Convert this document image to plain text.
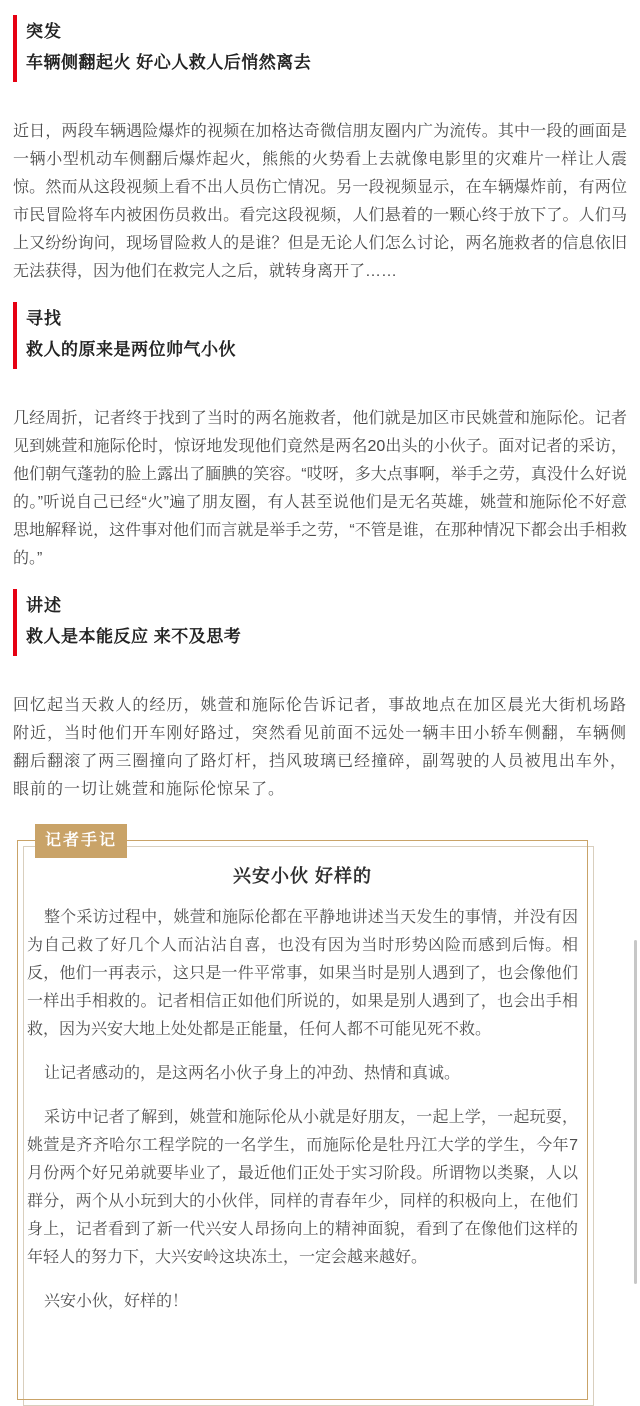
突发
车辆侧翻起火 好心人救人后悄然离去

近日，两段车辆遇险爆炸的视频在加格达奇微信朋友圈内广为流传。其中一段的画面是一辆小型机动车侧翻后爆炸起火，熊熊的火势看上去就像电影里的灾难片一样让人震惊。然而从这段视频上看不出人员伤亡情况。另一段视频显示，在车辆爆炸前，有两位市民冒险将车内被困伤员救出。看完这段视频，人们悬着的一颗心终于放下了。人们马上又纷纷询问，现场冒险救人的是谁？但是无论人们怎么讨论，两名施救者的信息依旧无法获得，因为他们在救完人之后，就转身离开了……

寻找
救人的原来是两位帅气小伙

几经周折，记者终于找到了当时的两名施救者，他们就是加区市民姚萱和施际伦。记者见到姚萱和施际伦时，惊讶地发现他们竟然是两名20出头的小伙子。面对记者的采访，他们朝气蓬勃的脸上露出了腼腆的笑容。“哎呀，多大点事啊，举手之劳，真没什么好说的。”听说自己已经“火”遍了朋友圈，有人甚至说他们是无名英雄，姚萱和施际伦不好意思地解释说，这件事对他们而言就是举手之劳，“不管是谁，在那种情况下都会出手相救的。”

讲述
救人是本能反应 来不及思考

回忆起当天救人的经历，姚萱和施际伦告诉记者，事故地点在加区晨光大街机场路附近，当时他们开车刚好路过，突然看见前面不远处一辆丰田小轿车侧翻，车辆侧翻后翻滚了两三圈撞向了路灯杆，挡风玻璃已经撞碎，副驾驶的人员被甩出车外，眼前的一切让姚萱和施际伦惊呆了。

记者手记
兴安小伙 好样的

整个采访过程中，姚萱和施际伦都在平静地讲述当天发生的事情，并没有因为自己救了好几个人而沾沾自喜，也没有因为当时形势凶险而感到后悔。相反，他们一再表示，这只是一件平常事，如果当时是别人遇到了，也会像他们一样出手相救的。记者相信正如他们所说的，如果是别人遇到了，也会出手相救，因为兴安大地上处处都是正能量，任何人都不可能见死不救。

让记者感动的，是这两名小伙子身上的冲劲、热情和真诚。

采访中记者了解到，姚萱和施际伦从小就是好朋友，一起上学，一起玩耍，姚萱是齐齐哈尔工程学院的一名学生，而施际伦是牡丹江大学的学生，今年7月份两个好兄弟就要毕业了，最近他们正处于实习阶段。所谓物以类聚，人以群分，两个从小玩到大的小伙伴，同样的青春年少，同样的积极向上，在他们身上，记者看到了新一代兴安人昂扬向上的精神面貌，看到了在像他们这样的年轻人的努力下，大兴安岭这块冻土，一定会越来越好。

兴安小伙，好样的！
